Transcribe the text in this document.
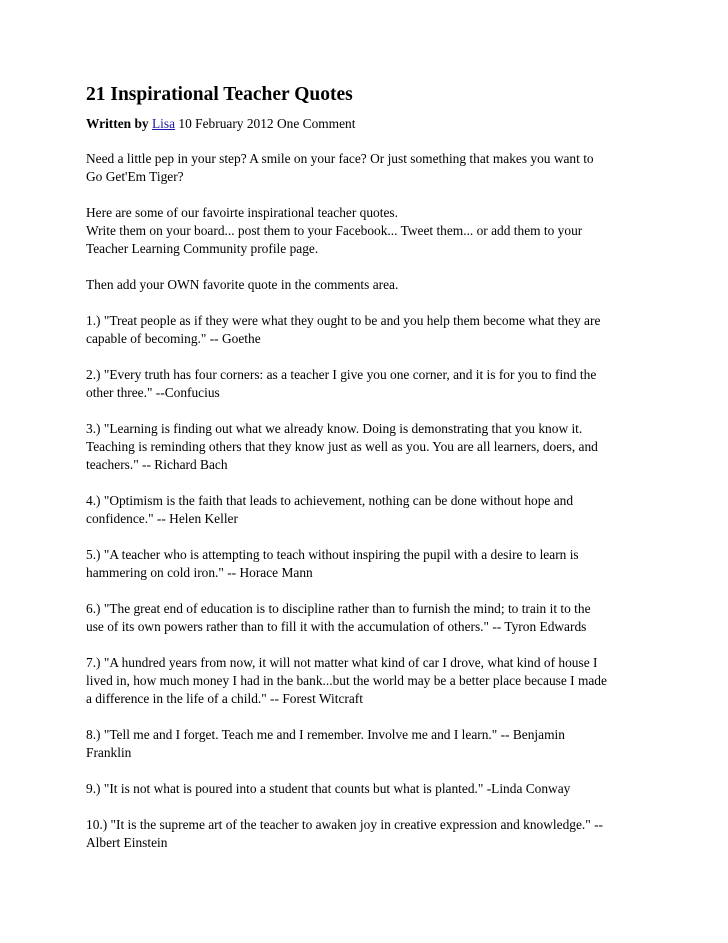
21 Inspirational Teacher Quotes
Written by Lisa 10 February 2012 One Comment
Need a little pep in your step? A smile on your face? Or just something that makes you want to
Go Get'Em Tiger?
Here are some of our favoirte inspirational teacher quotes.
Write them on your board... post them to your Facebook... Tweet them... or add them to your
Teacher Learning Community profile page.
Then add your OWN favorite quote in the comments area.
1.) "Treat people as if they were what they ought to be and you help them become what they are
capable of becoming." -- Goethe
2.) "Every truth has four corners: as a teacher I give you one corner, and it is for you to find the
other three." --Confucius
3.) "Learning is finding out what we already know. Doing is demonstrating that you know it.
Teaching is reminding others that they know just as well as you. You are all learners, doers, and
teachers." -- Richard Bach
4.) "Optimism is the faith that leads to achievement, nothing can be done without hope and
confidence." -- Helen Keller
5.) "A teacher who is attempting to teach without inspiring the pupil with a desire to learn is
hammering on cold iron." -- Horace Mann
6.) "The great end of education is to discipline rather than to furnish the mind; to train it to the
use of its own powers rather than to fill it with the accumulation of others." -- Tyron Edwards
7.) "A hundred years from now, it will not matter what kind of car I drove, what kind of house I
lived in, how much money I had in the bank...but the world may be a better place because I made
a difference in the life of a child." -- Forest Witcraft
8.) "Tell me and I forget. Teach me and I remember. Involve me and I learn." -- Benjamin
Franklin
9.) "It is not what is poured into a student that counts but what is planted." -Linda Conway
10.) "It is the supreme art of the teacher to awaken joy in creative expression and knowledge." --
Albert Einstein
